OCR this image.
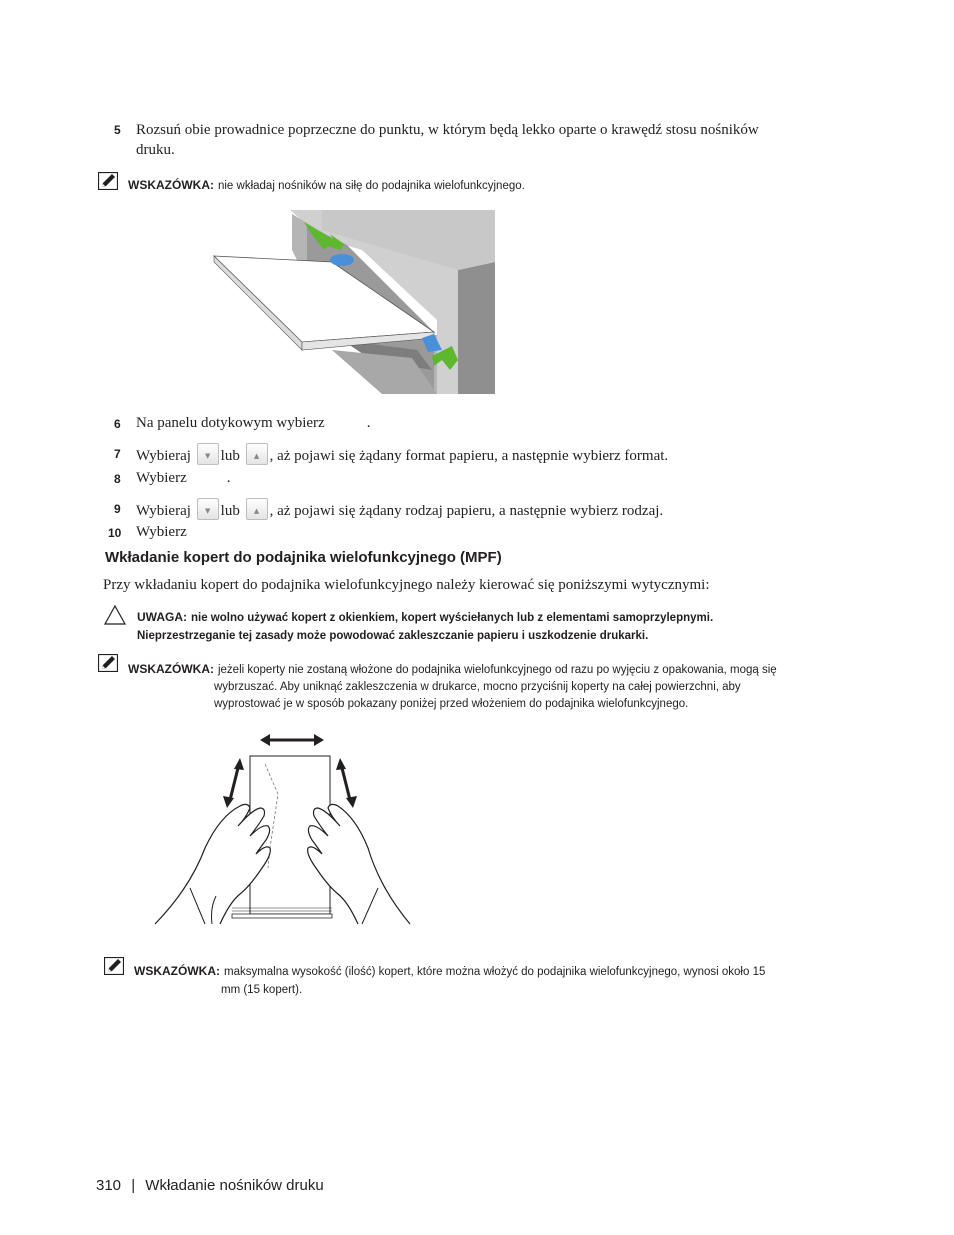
5 Rozsuń obie prowadnice poprzeczne do punktu, w którym będą lekko oparte o krawędź stosu nośników
druku.
WSKAZÓWKA: nie wkładaj nośników na siłę do podajnika wielofunkcyjnego.
6 Na panelu dotykowym wybierz	.
7 Wybieraj	▼ lub	▲ , aż pojawi się żądany format papieru, a następnie wybierz format.
8 Wybierz	.
9 Wybieraj	▼ lub	▲ , aż pojawi się żądany rodzaj papieru, a następnie wybierz rodzaj.
10 Wybierz
Wkładanie kopert do podajnika wielofunkcyjnego (MPF)
Przy wkładaniu kopert do podajnika wielofunkcyjnego należy kierować się poniższymi wytycznymi:
UWAGA: nie wolno używać kopert z okienkiem, kopert wyściełanych lub z elementami samoprzylepnymi.
Nieprzestrzeganie tej zasady może powodować zakleszczanie papieru i uszkodzenie drukarki.
WSKAZÓWKA: jeżeli koperty nie zostaną włożone do podajnika wielofunkcyjnego od razu po wyjęciu z opakowania, mogą się
wybrzuszać. Aby uniknąć zakleszczenia w drukarce, mocno przyciśnij koperty na całej powierzchni, aby
wyprostować je w sposób pokazany poniżej przed włożeniem do podajnika wielofunkcyjnego.
WSKAZÓWKA: maksymalna wysokość (ilość) kopert, które można włożyć do podajnika wielofunkcyjnego, wynosi około 15
mm (15 kopert).
310 | Wkładanie nośników druku
